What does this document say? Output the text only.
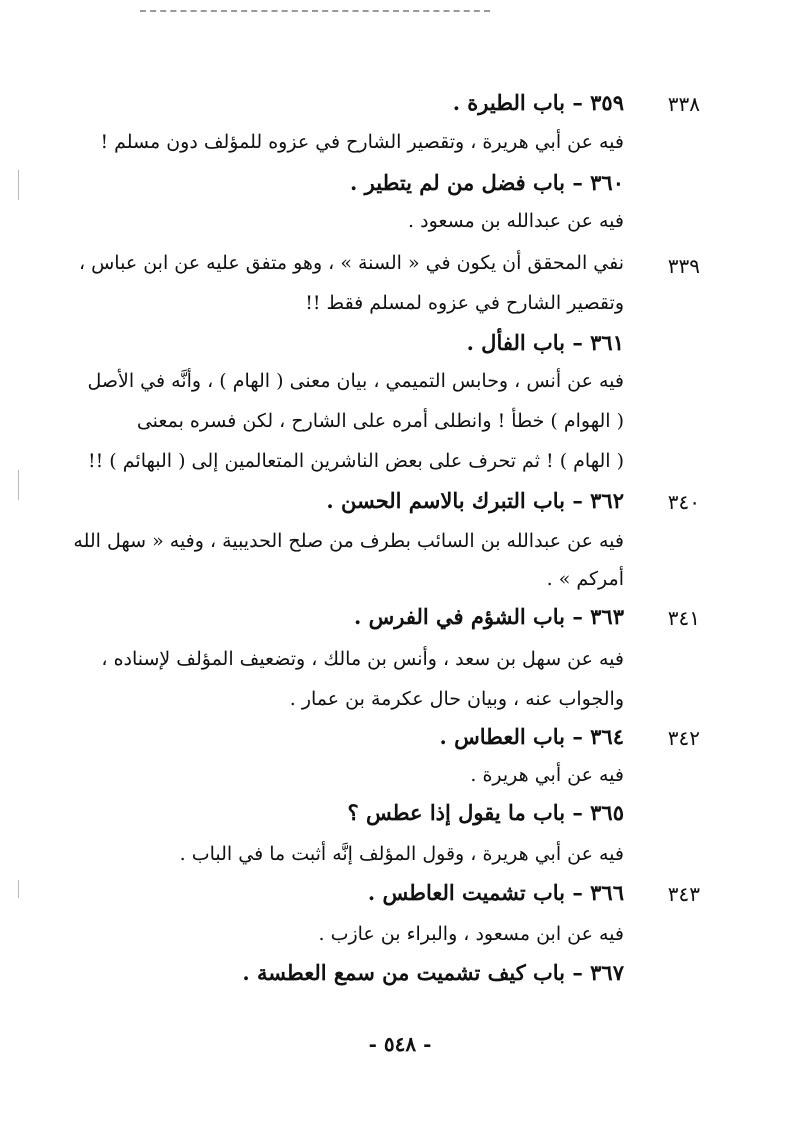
٣٥٩ – باب الطيرة .
فيه عن أبي هريرة ، وتقصير الشارح في عزوه للمؤلف دون مسلم !
٣٦٠ – باب فضل من لم يتطير .
فيه عن عبدالله بن مسعود .
نفي المحقق أن يكون في « السنة » ، وهو متفق عليه عن ابن عباس ،
وتقصير الشارح في عزوه لمسلم فقط !!
٣٦١ – باب الفأل .
فيه عن أنس ، وحابس التميمي ، بيان معنى ( الهام ) ، وأنَّه في الأصل
( الهوام ) خطأ ! وانطلى أمره على الشارح ، لكن فسره بمعنى
( الهام ) ! ثم تحرف على بعض الناشرين المتعالمين إلى ( البهائم ) !!
٣٦٢ – باب التبرك بالاسم الحسن .
فيه عن عبدالله بن السائب بطرف من صلح الحديبية ، وفيه « سهل الله
أمركم » .
٣٦٣ – باب الشؤم في الفرس .
فيه عن سهل بن سعد ، وأنس بن مالك ، وتضعيف المؤلف لإسناده ،
والجواب عنه ، وبيان حال عكرمة بن عمار .
٣٦٤ – باب العطاس .
فيه عن أبي هريرة .
٣٦٥ – باب ما يقول إذا عطس ؟
فيه عن أبي هريرة ، وقول المؤلف إنَّه أثبت ما في الباب .
٣٦٦ – باب تشميت العاطس .
فيه عن ابن مسعود ، والبراء بن عازب .
٣٦٧ – باب كيف تشميت من سمع العطسة .
٣٣٨
٣٣٩
٣٤٠
٣٤١
٣٤٢
٣٤٣
- ٥٤٨ -
